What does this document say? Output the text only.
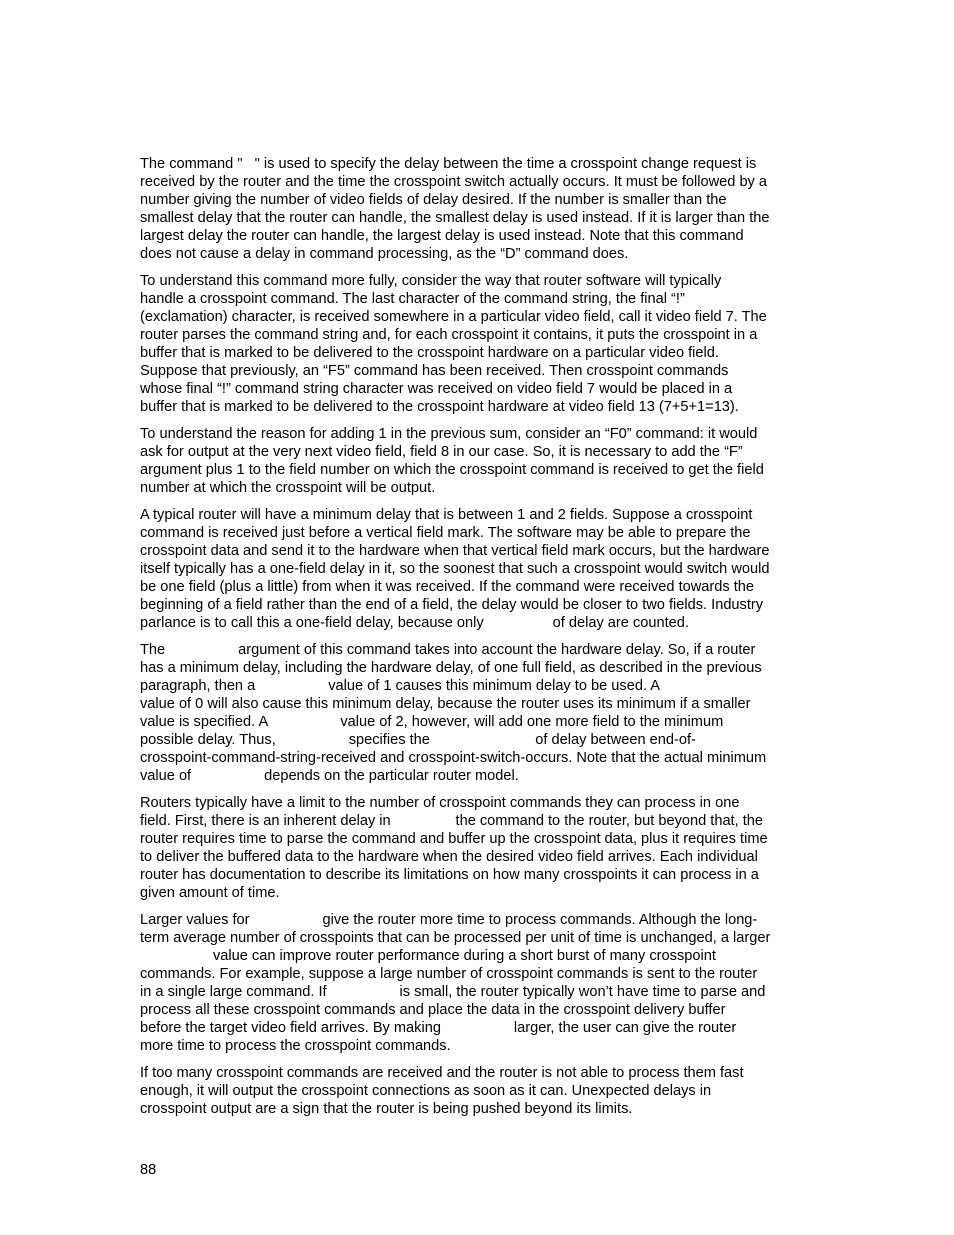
The command "   " is used to specify the delay between the time a crosspoint change request is
received by the router and the time the crosspoint switch actually occurs. It must be followed by a
number giving the number of video fields of delay desired. If the number is smaller than the
smallest delay that the router can handle, the smallest delay is used instead. If it is larger than the
largest delay the router can handle, the largest delay is used instead. Note that this command
does not cause a delay in command processing, as the “D” command does.
To understand this command more fully, consider the way that router software will typically
handle a crosspoint command. The last character of the command string, the final “!”
(exclamation) character, is received somewhere in a particular video field, call it video field 7. The
router parses the command string and, for each crosspoint it contains, it puts the crosspoint in a
buffer that is marked to be delivered to the crosspoint hardware on a particular video field.
Suppose that previously, an “F5” command has been received. Then crosspoint commands
whose final “!” command string character was received on video field 7 would be placed in a
buffer that is marked to be delivered to the crosspoint hardware at video field 13 (7+5+1=13).
To understand the reason for adding 1 in the previous sum, consider an “F0” command: it would
ask for output at the very next video field, field 8 in our case. So, it is necessary to add the “F”
argument plus 1 to the field number on which the crosspoint command is received to get the field
number at which the crosspoint will be output.
A typical router will have a minimum delay that is between 1 and 2 fields. Suppose a crosspoint
command is received just before a vertical field mark. The software may be able to prepare the
crosspoint data and send it to the hardware when that vertical field mark occurs, but the hardware
itself typically has a one-field delay in it, so the soonest that such a crosspoint would switch would
be one field (plus a little) from when it was received. If the command were received towards the
beginning of a field rather than the end of a field, the delay would be closer to two fields. Industry
parlance is to call this a one-field delay, because only                 of delay are counted.
The                  argument of this command takes into account the hardware delay. So, if a router
has a minimum delay, including the hardware delay, of one full field, as described in the previous
paragraph, then a                  value of 1 causes this minimum delay to be used. A
value of 0 will also cause this minimum delay, because the router uses its minimum if a smaller
value is specified. A                  value of 2, however, will add one more field to the minimum
possible delay. Thus,                  specifies the                          of delay between end-of-
crosspoint-command-string-received and crosspoint-switch-occurs. Note that the actual minimum
value of                  depends on the particular router model.
Routers typically have a limit to the number of crosspoint commands they can process in one
field. First, there is an inherent delay in                the command to the router, but beyond that, the
router requires time to parse the command and buffer up the crosspoint data, plus it requires time
to deliver the buffered data to the hardware when the desired video field arrives. Each individual
router has documentation to describe its limitations on how many crosspoints it can process in a
given amount of time.
Larger values for                  give the router more time to process commands. Although the long-
term average number of crosspoints that can be processed per unit of time is unchanged, a larger
value can improve router performance during a short burst of many crosspoint
commands. For example, suppose a large number of crosspoint commands is sent to the router
in a single large command. If                  is small, the router typically won’t have time to parse and
process all these crosspoint commands and place the data in the crosspoint delivery buffer
before the target video field arrives. By making                  larger, the user can give the router
more time to process the crosspoint commands.
If too many crosspoint commands are received and the router is not able to process them fast
enough, it will output the crosspoint connections as soon as it can. Unexpected delays in
crosspoint output are a sign that the router is being pushed beyond its limits.
88
